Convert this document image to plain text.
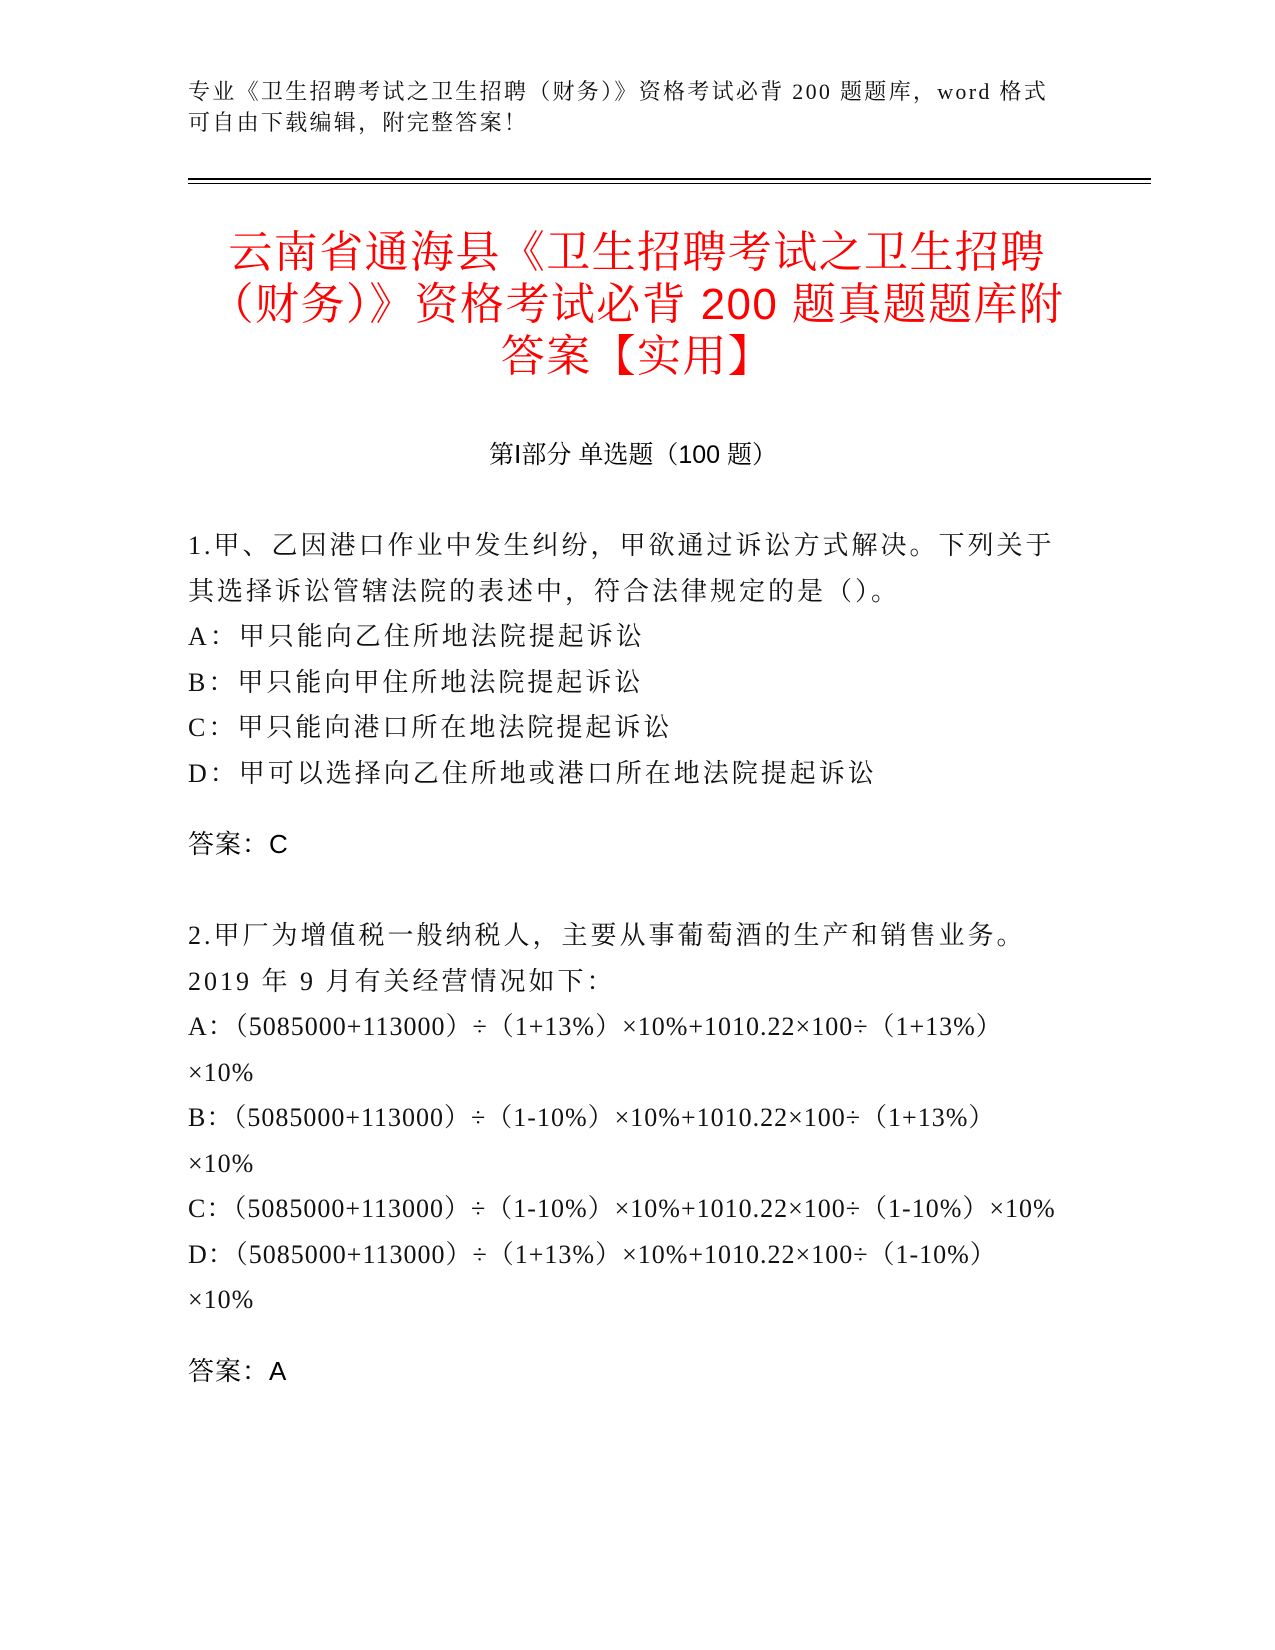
专业《卫生招聘考试之卫生招聘（财务）》资格考试必背 200 题题库，word 格式可自由下载编辑，附完整答案！
云南省通海县《卫生招聘考试之卫生招聘（财务）》资格考试必背 200 题真题题库附答案【实用】
第Ⅰ部分 单选题（100 题）

1.甲、乙因港口作业中发生纠纷，甲欲通过诉讼方式解决。下列关于其选择诉讼管辖法院的表述中，符合法律规定的是（）。

A：甲只能向乙住所地法院提起诉讼

B：甲只能向甲住所地法院提起诉讼

C：甲只能向港口所在地法院提起诉讼

D：甲可以选择向乙住所地或港口所在地法院提起诉讼

答案：C

2.甲厂为增值税一般纳税人，主要从事葡萄酒的生产和销售业务。2019 年 9 月有关经营情况如下：

A：（5085000+113000）÷（1+13%）×10%+1010.22×100÷（1+13%）×10%

B：（5085000+113000）÷（1-10%）×10%+1010.22×100÷（1+13%）×10%

C：（5085000+113000）÷（1-10%）×10%+1010.22×100÷（1-10%）×10%

D：（5085000+113000）÷（1+13%）×10%+1010.22×100÷（1-10%）×10%

答案：A
